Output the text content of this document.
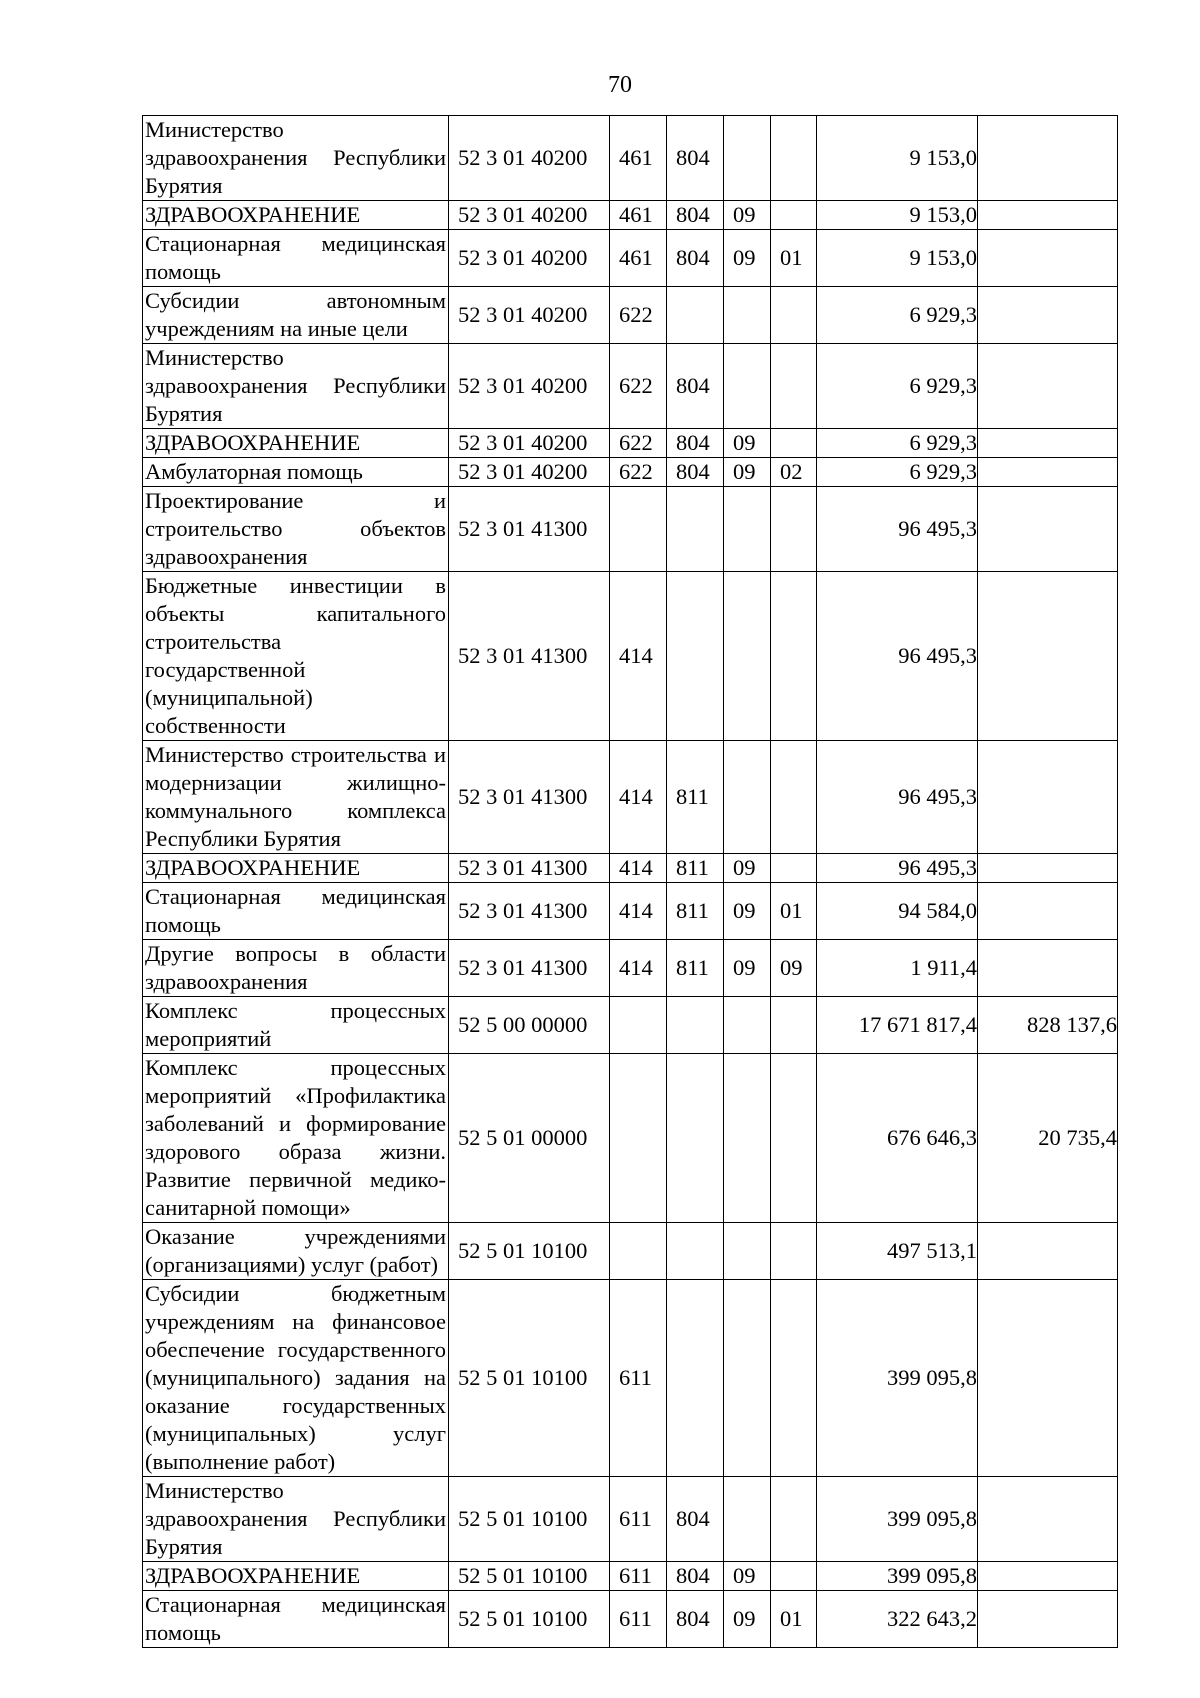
70
Министерство здравоохранения Республики Бурятия	52 3 01 40200	461	804			9 153,0	
ЗДРАВООХРАНЕНИЕ	52 3 01 40200	461	804	09		9 153,0	
Стационарная медицинская помощь	52 3 01 40200	461	804	09	01	9 153,0	
Субсидии автономным учреждениям на иные цели	52 3 01 40200	622				6 929,3	
Министерство здравоохранения Республики Бурятия	52 3 01 40200	622	804			6 929,3	
ЗДРАВООХРАНЕНИЕ	52 3 01 40200	622	804	09		6 929,3	
Амбулаторная помощь	52 3 01 40200	622	804	09	02	6 929,3	
Проектирование и строительство объектов здравоохранения	52 3 01 41300					96 495,3	
Бюджетные инвестиции в объекты капитального строительства государственной (муниципальной) собственности	52 3 01 41300	414				96 495,3	
Министерство строительства и модернизации жилищно-коммунального комплекса Республики Бурятия	52 3 01 41300	414	811			96 495,3	
ЗДРАВООХРАНЕНИЕ	52 3 01 41300	414	811	09		96 495,3	
Стационарная медицинская помощь	52 3 01 41300	414	811	09	01	94 584,0	
Другие вопросы в области здравоохранения	52 3 01 41300	414	811	09	09	1 911,4	
Комплекс процессных мероприятий	52 5 00 00000					17 671 817,4	828 137,6
Комплекс процессных мероприятий «Профилактика заболеваний и формирование здорового образа жизни. Развитие первичной медико-санитарной помощи»	52 5 01 00000					676 646,3	20 735,4
Оказание учреждениями (организациями) услуг (работ)	52 5 01 10100					497 513,1	
Субсидии бюджетным учреждениям на финансовое обеспечение государственного (муниципального) задания на оказание государственных (муниципальных) услуг (выполнение работ)	52 5 01 10100	611				399 095,8	
Министерство здравоохранения Республики Бурятия	52 5 01 10100	611	804			399 095,8	
ЗДРАВООХРАНЕНИЕ	52 5 01 10100	611	804	09		399 095,8	
Стационарная медицинская помощь	52 5 01 10100	611	804	09	01	322 643,2	
